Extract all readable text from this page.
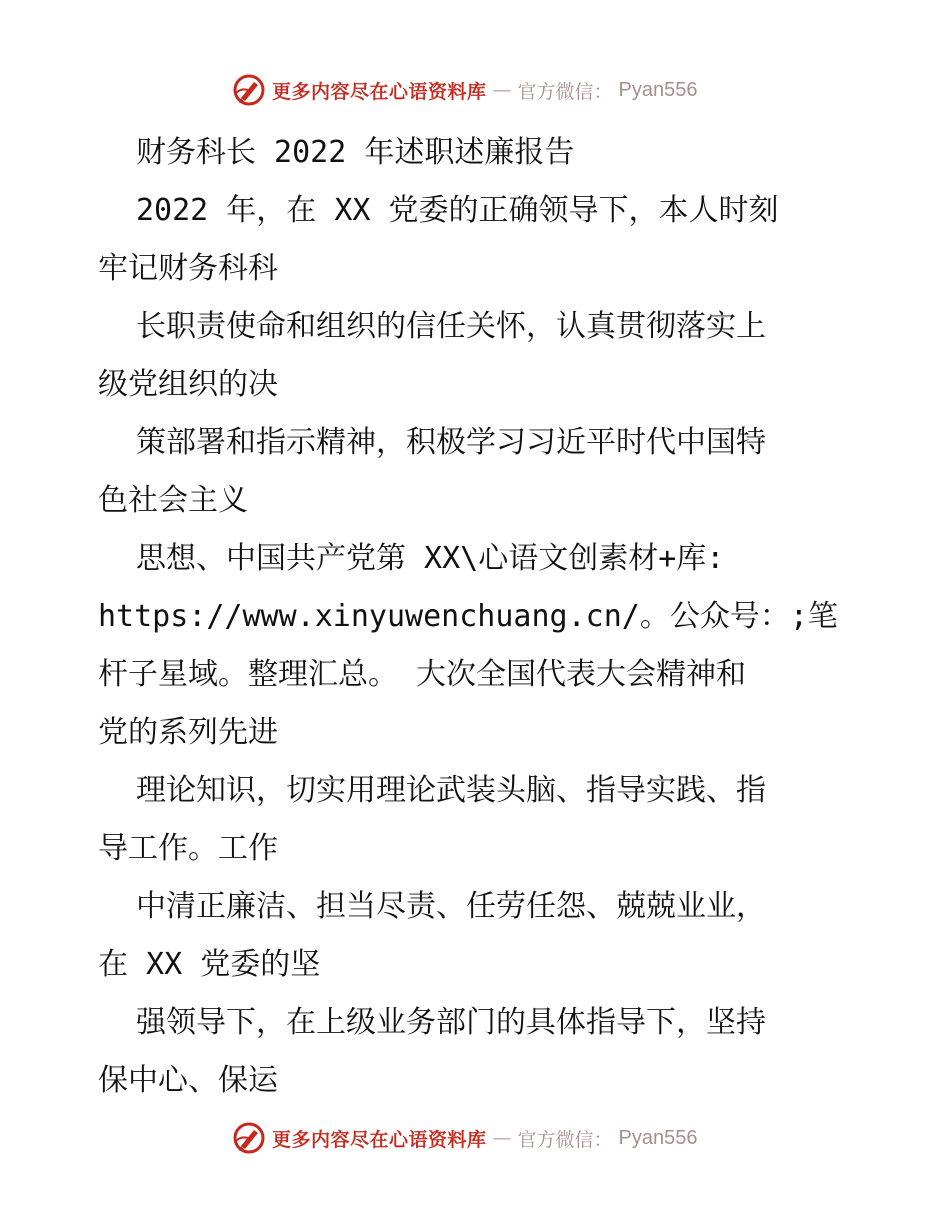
更多内容尽在心语资料库 — 官方微信： Pyan556
财务科长 2022 年述职述廉报告
2022 年，在 XX 党委的正确领导下，本人时刻
牢记财务科科
长职责使命和组织的信任关怀，认真贯彻落实上
级党组织的决
策部署和指示精神，积极学习习近平时代中国特
色社会主义
思想、中国共产党第 XX\心语文创素材+库:
https://www.xinyuwenchuang.cn/。公众号：;笔
杆子星域。整理汇总。 大次全国代表大会精神和
党的系列先进
理论知识，切实用理论武装头脑、指导实践、指
导工作。工作
中清正廉洁、担当尽责、任劳任怨、兢兢业业，
在 XX 党委的坚
强领导下，在上级业务部门的具体指导下，坚持
保中心、保运
更多内容尽在心语资料库 — 官方微信： Pyan556
